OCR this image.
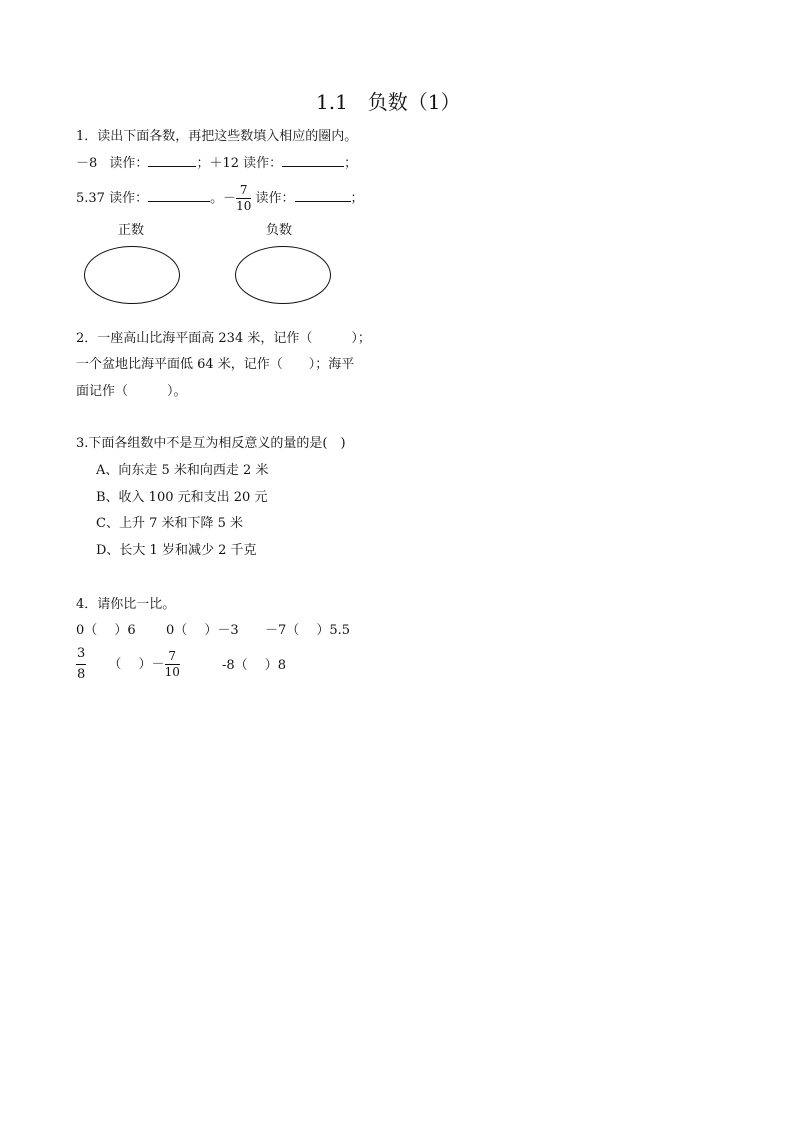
1.1　负数（1）
1．读出下面各数，再把这些数填入相应的圈内。
－8 读作：	；＋12 读作：	；
5.37 读作：	。－ $\frac{7}{10}$ 读作：	；
正数	负数
2．一座高山比海平面高 234 米，记作（　　　）；
一个盆地比海平面低 64 米，记作（　　）；海平
面记作（　　　）。
3.下面各组数中不是互为相反意义的量的是(　)
A、向东走 5 米和向西走 2 米
B、收入 100 元和支出 20 元
C、上升 7 米和下降 5 米
D、长大 1 岁和减少 2 千克
4．请你比一比。
0（　 ）6 0（　 ）－3 －7（　 ）5.5
$\frac{3}{8}$ （　 ）－ $\frac{7}{10}$	-8（　 ）8
